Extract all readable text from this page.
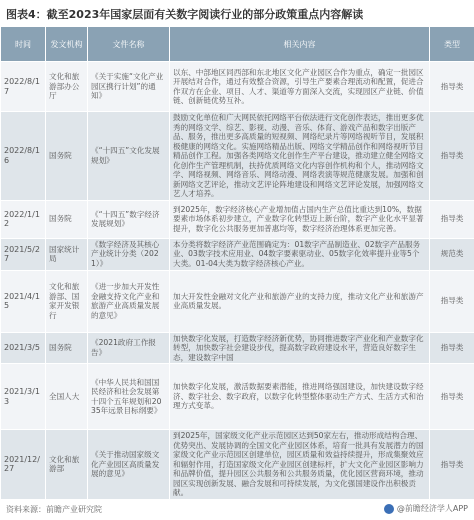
图表4：截至2023年国家层面有关数字阅读行业的部分政策重点内容解读
时间	发文机构	文件名称	相关内容	类型
2022/8/17	文化和旅游部办公厅	《关于实施“文化产业园区携行计划”的通知》	以东、中部地区同西部和东北地区文化产业园区合作为重点，确定一批园区开展结对合作，通过有效整合资源，引导生产要素合理流动和配置，促进合作双方在企业、项目、人才、渠道等方面深入交流，实现园区产业链、价值链、创新链优势互补。	指导类
2022/8/16	国务院	《“十四五”文化发展规划》	鼓励文化单位和广大网民依托网络平台依法进行文化创作表达，推出更多优秀的网络文学、综艺、影视、动漫、音乐、体育、游戏产品和数字出版产品、服务，推出更多高质量的短视频、网络纪录片等网络视听节目，发展积极健康的网络文化。实施网络精品出版、网络文学精品创作和网络视听节目精品创作工程。加强各类网络文化创作生产平台建设，推动建立健全网络文化创作生产管理机制，扶持优质网络文化内容创作机构和个人，推动网络文学、网络视频、网络音乐、网络动漫、网络表演等规范健康发展。加强和创新网络文艺评论，推动文艺评论阵地建设和网络文艺评论发展，加强网络文艺人才培养。	指导类
2022/1/12	国务院	《“十四五”数字经济发展规划》	到2025年，数字经济核心产业增加值占国内生产总值比重达到10%，数据要素市场体系初步建立，产业数字化转型迈上新台阶，数字产业化水平显著提升，数字化公共服务更加普惠均等，数字经济治理体系更加完善。	指导类
2021/5/27	国家统计局	《数字经济及其核心产业统计分类（2021）》	本分类将数字经济产业范围确定为：01数字产品制造业、02数字产品服务业、03数字技术应用业、04数字要素驱动业、05数字化效率提升业等5个大类。01-04大类为数字经济核心产业。	规范类
2021/4/15	文化和旅游部、国家开发银行	《进一步加大开发性金融支持文化产业和旅游产业高质量发展的意见》	加大开发性金融对文化产业和旅游产业的支持力度，推动文化产业和旅游产业高质量发展。	指导类
2021/3/5	国务院	《2021政府工作报告》	加快数字化发展，打造数字经济新优势，协同推进数字产业化和产业数字化转型，加快数字社会建设步伐，提高数字政府建设水平，营造良好数字生态，建设数字中国	指导类
2021/3/13	全国人大	《中华人民共和国国民经济和社会发展第十四个五年规划和2035年远景目标纲要》	加快数字化发展，激活数据要素潜能，推进网络强国建设，加快建设数字经济、数字社会、数字政府，以数字化转型整体驱动生产方式、生活方式和治理方式变革。	指导类
2021/12/27	文化和旅游部	《关于推动国家级文化产业园区高质量发展的意见》	到2025年，国家级文化产业示范园区达到50家左右，推动形成结构合理、优势突出、发展协调的全国文化产业园区体系，培育一批具有发展潜力的国家级文化产业示范园区创建单位，园区质量和效益持续提升，形成集聚效应和辐射作用，打造国家级文化产业园区创建标杆，扩大文化产业园区影响力和品牌价值，提升园区公共服务和公共服务质量，优化园区营商环境，推动园区实现创新发展、融合发展和可持续发展，为文化强国建设作出积极贡献。	指导类
资料来源：前瞻产业研究院	@前瞻经济学人APP
